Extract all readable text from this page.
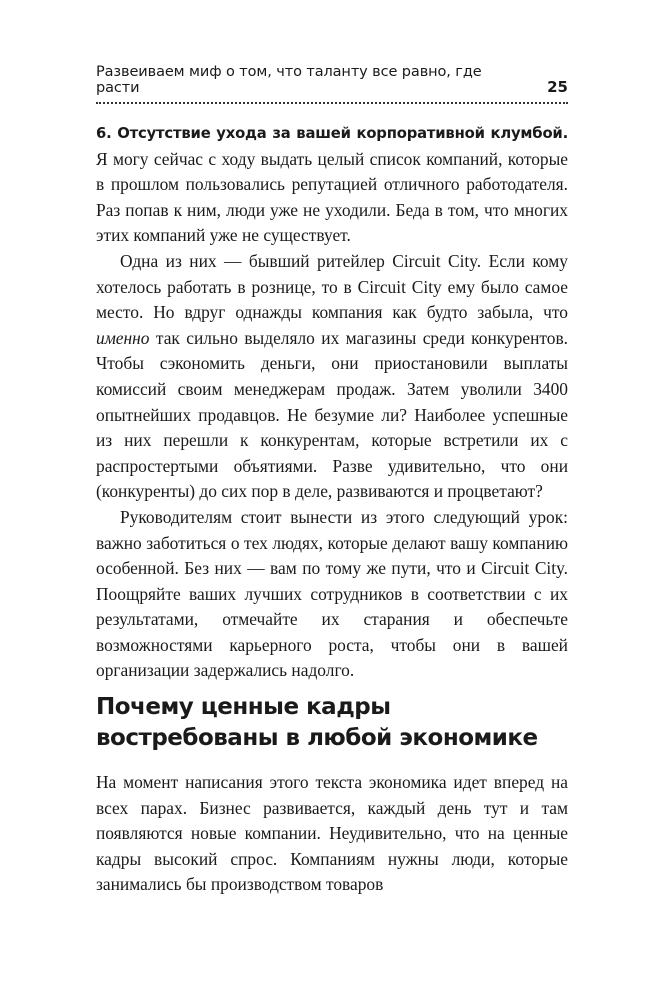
Развеиваем миф о том, что таланту все равно, где расти	25

6. Отсутствие ухода за вашей корпоративной клумбой. Я могу сейчас с ходу выдать целый список компаний, которые в прошлом пользовались репутацией отличного работодателя. Раз попав к ним, люди уже не уходили. Беда в том, что многих этих компаний уже не существует.

Одна из них — бывший ритейлер Circuit City. Если кому хотелось работать в рознице, то в Circuit City ему было самое место. Но вдруг однажды компания как будто забыла, что именно так сильно выделяло их магазины среди конкурентов. Чтобы сэкономить деньги, они приостановили выплаты комиссий своим менеджерам продаж. Затем уволили 3400 опытнейших продавцов. Не безумие ли? Наиболее успешные из них перешли к конкурентам, которые встретили их с распростертыми объятиями. Разве удивительно, что они (конкуренты) до сих пор в деле, развиваются и процветают?

Руководителям стоит вынести из этого следующий урок: важно заботиться о тех людях, которые делают вашу компанию особенной. Без них — вам по тому же пути, что и Circuit City. Поощряйте ваших лучших сотрудников в соответствии с их результатами, отмечайте их старания и обеспечьте возможностями карьерного роста, чтобы они в вашей организации задержались надолго.

Почему ценные кадры востребованы в любой экономике

На момент написания этого текста экономика идет вперед на всех парах. Бизнес развивается, каждый день тут и там появляются новые компании. Неудивительно, что на ценные кадры высокий спрос. Компаниям нужны люди, которые занимались бы производством товаров
